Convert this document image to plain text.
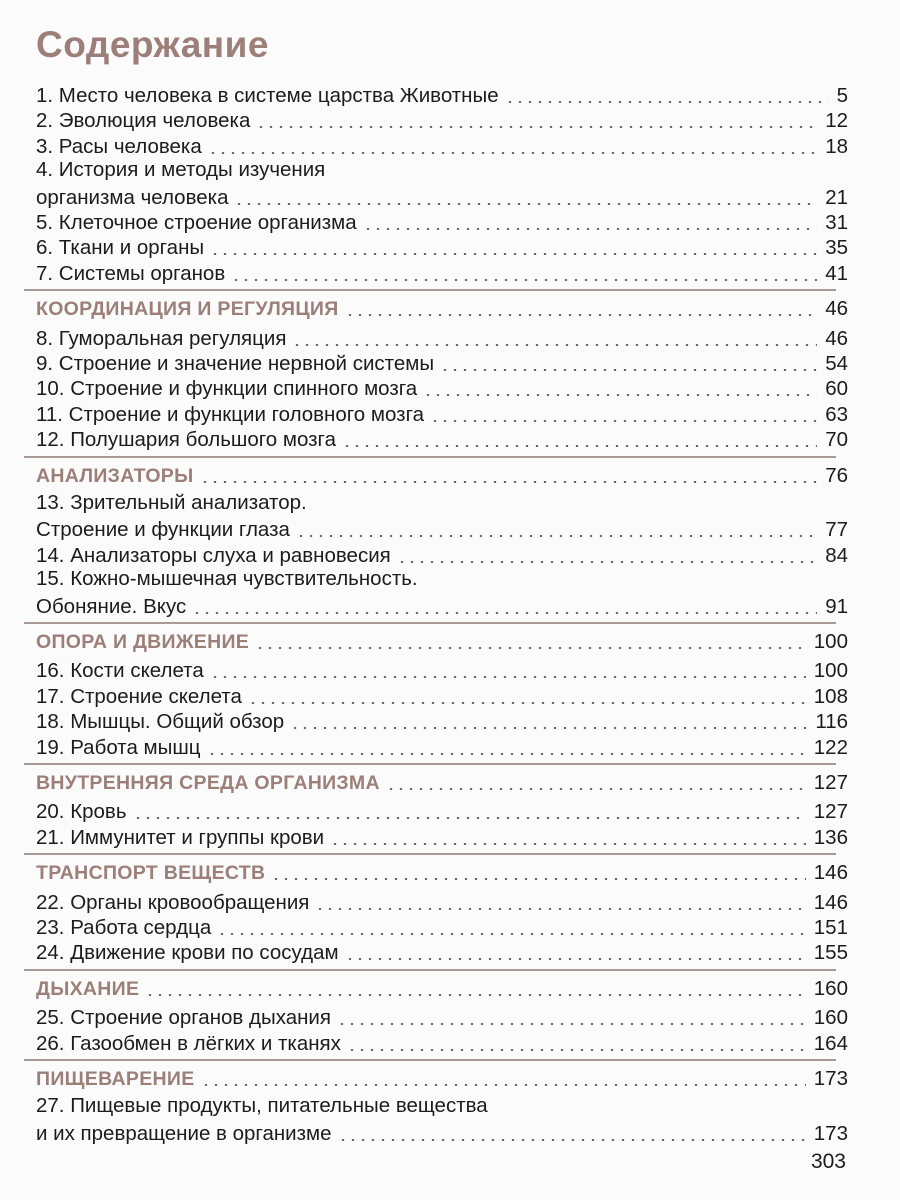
Содержание
1. Место человека в системе царства Животные	5
2. Эволюция человека	12
3. Расы человека	18
4. История и методы изучения
организма человека	21
5. Клеточное строение организма	31
6. Ткани и органы	35
7. Системы органов	41
КООРДИНАЦИЯ И РЕГУЛЯЦИЯ	46
8. Гуморальная регуляция	46
9. Строение и значение нервной системы	54
10. Строение и функции спинного мозга	60
11. Строение и функции головного мозга	63
12. Полушария большого мозга	70
АНАЛИЗАТОРЫ	76
13. Зрительный анализатор.
Строение и функции глаза	77
14. Анализаторы слуха и равновесия	84
15. Кожно-мышечная чувствительность.
Обоняние. Вкус	91
ОПОРА И ДВИЖЕНИЕ	100
16. Кости скелета	100
17. Строение скелета	108
18. Мышцы. Общий обзор	116
19. Работа мышц	122
ВНУТРЕННЯЯ СРЕДА ОРГАНИЗМА	127
20. Кровь	127
21. Иммунитет и группы крови	136
ТРАНСПОРТ ВЕЩЕСТВ	146
22. Органы кровообращения	146
23. Работа сердца	151
24. Движение крови по сосудам	155
ДЫХАНИЕ	160
25. Строение органов дыхания	160
26. Газообмен в лёгких и тканях	164
ПИЩЕВАРЕНИЕ	173
27. Пищевые продукты, питательные вещества
и их превращение в организме	173
303
